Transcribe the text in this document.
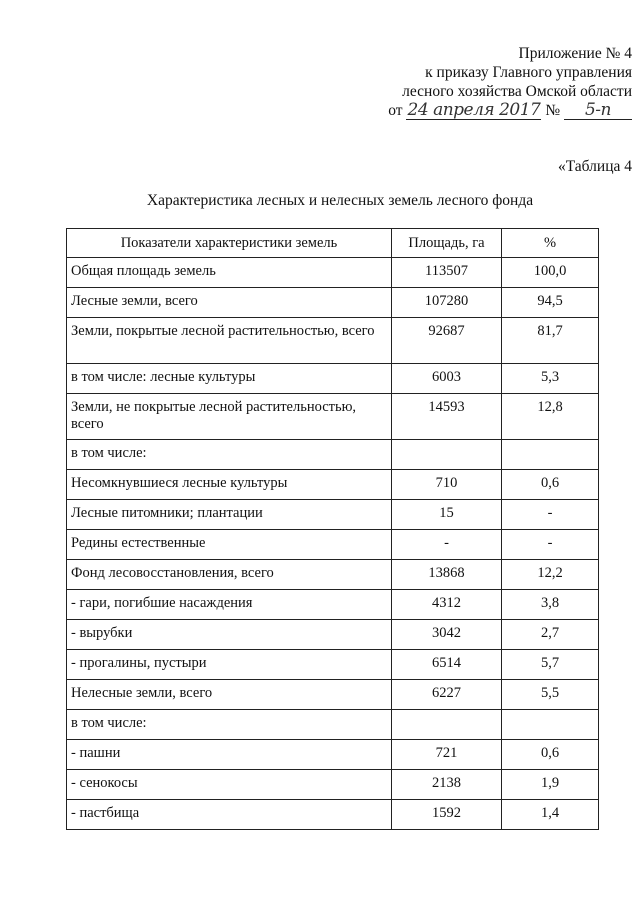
Приложение № 4
к приказу Главного управления
лесного хозяйства Омской области
от 24 апреля 2017 № 5-п
«Таблица 4
Характеристика лесных и нелесных земель лесного фонда
Показатели характеристики земель	Площадь, га	%
Общая площадь земель	113507	100,0
Лесные земли, всего	107280	94,5
Земли, покрытые лесной растительностью, всего	92687	81,7
в том числе: лесные культуры	6003	5,3
Земли, не покрытые лесной растительностью, всего	14593	12,8
в том числе:		
Несомкнувшиеся лесные культуры	710	0,6
Лесные питомники; плантации	15	-
Редины естественные	-	-
Фонд лесовосстановления, всего	13868	12,2
- гари, погибшие насаждения	4312	3,8
- вырубки	3042	2,7
- прогалины, пустыри	6514	5,7
Нелесные земли, всего	6227	5,5
в том числе:		
- пашни	721	0,6
- сенокосы	2138	1,9
- пастбища	1592	1,4
